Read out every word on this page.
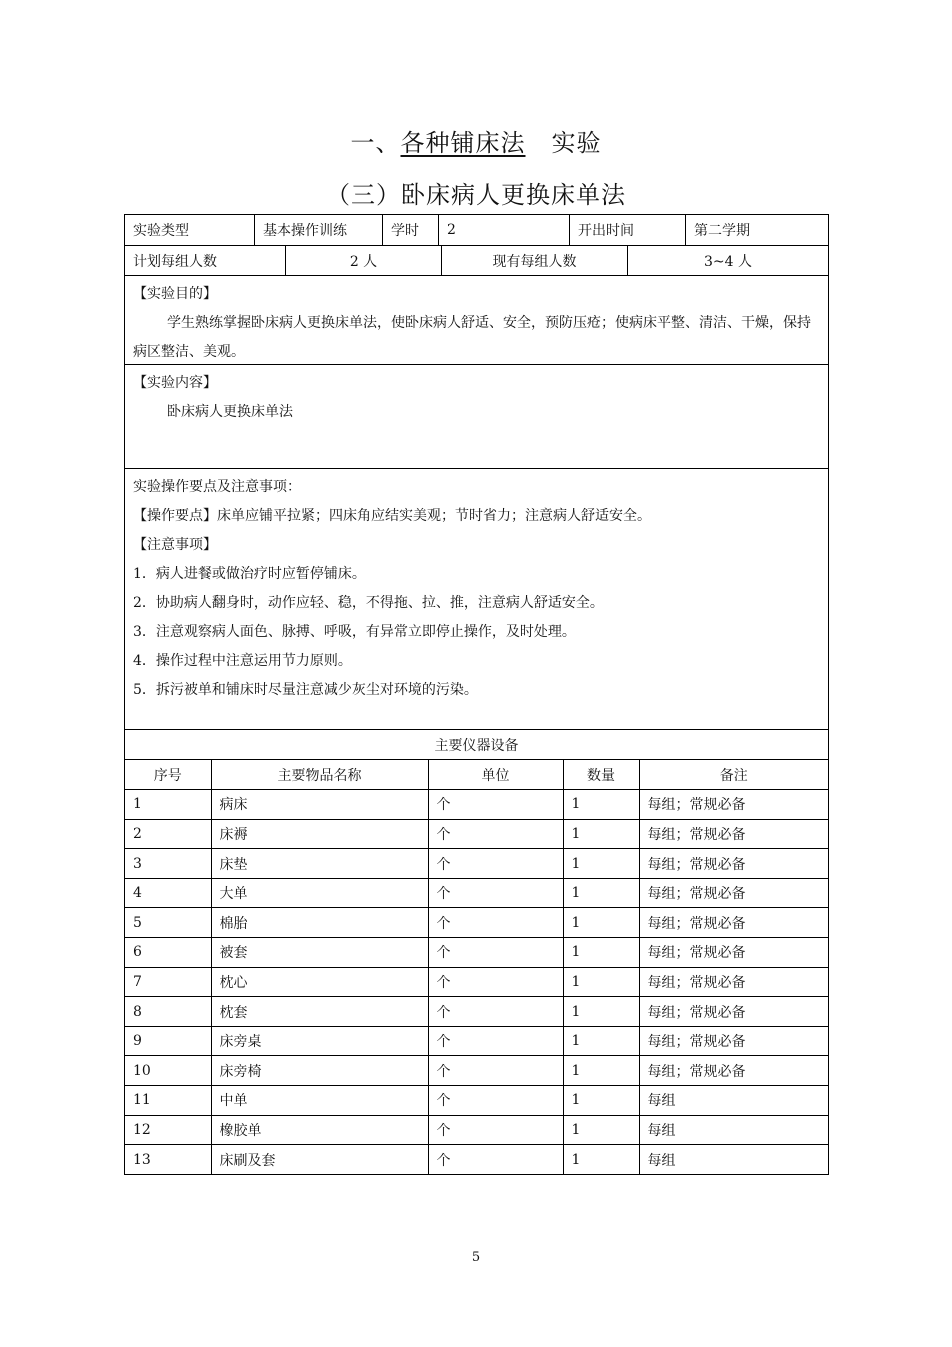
一、各种铺床法 实验
（三）卧床病人更换床单法
实验类型	基本操作训练	学时	2	开出时间	第二学期
计划每组人数	2 人	现有每组人数	3~4 人
【实验目的】
学生熟练掌握卧床病人更换床单法，使卧床病人舒适、安全，预防压疮；使病床平整、清洁、干燥，保持病区整洁、美观。
【实验内容】
卧床病人更换床单法
实验操作要点及注意事项：
【操作要点】床单应铺平拉紧；四床角应结实美观；节时省力；注意病人舒适安全。
【注意事项】
1．病人进餐或做治疗时应暂停铺床。
2．协助病人翻身时，动作应轻、稳，不得拖、拉、推，注意病人舒适安全。
3．注意观察病人面色、脉搏、呼吸，有异常立即停止操作，及时处理。
4．操作过程中注意运用节力原则。
5．拆污被单和铺床时尽量注意减少灰尘对环境的污染。
主要仪器设备
序号	主要物品名称	单位	数量	备注
1	病床	个	1	每组；常规必备
2	床褥	个	1	每组；常规必备
3	床垫	个	1	每组；常规必备
4	大单	个	1	每组；常规必备
5	棉胎	个	1	每组；常规必备
6	被套	个	1	每组；常规必备
7	枕心	个	1	每组；常规必备
8	枕套	个	1	每组；常规必备
9	床旁桌	个	1	每组；常规必备
10	床旁椅	个	1	每组；常规必备
11	中单	个	1	每组
12	橡胶单	个	1	每组
13	床刷及套	个	1	每组
5
